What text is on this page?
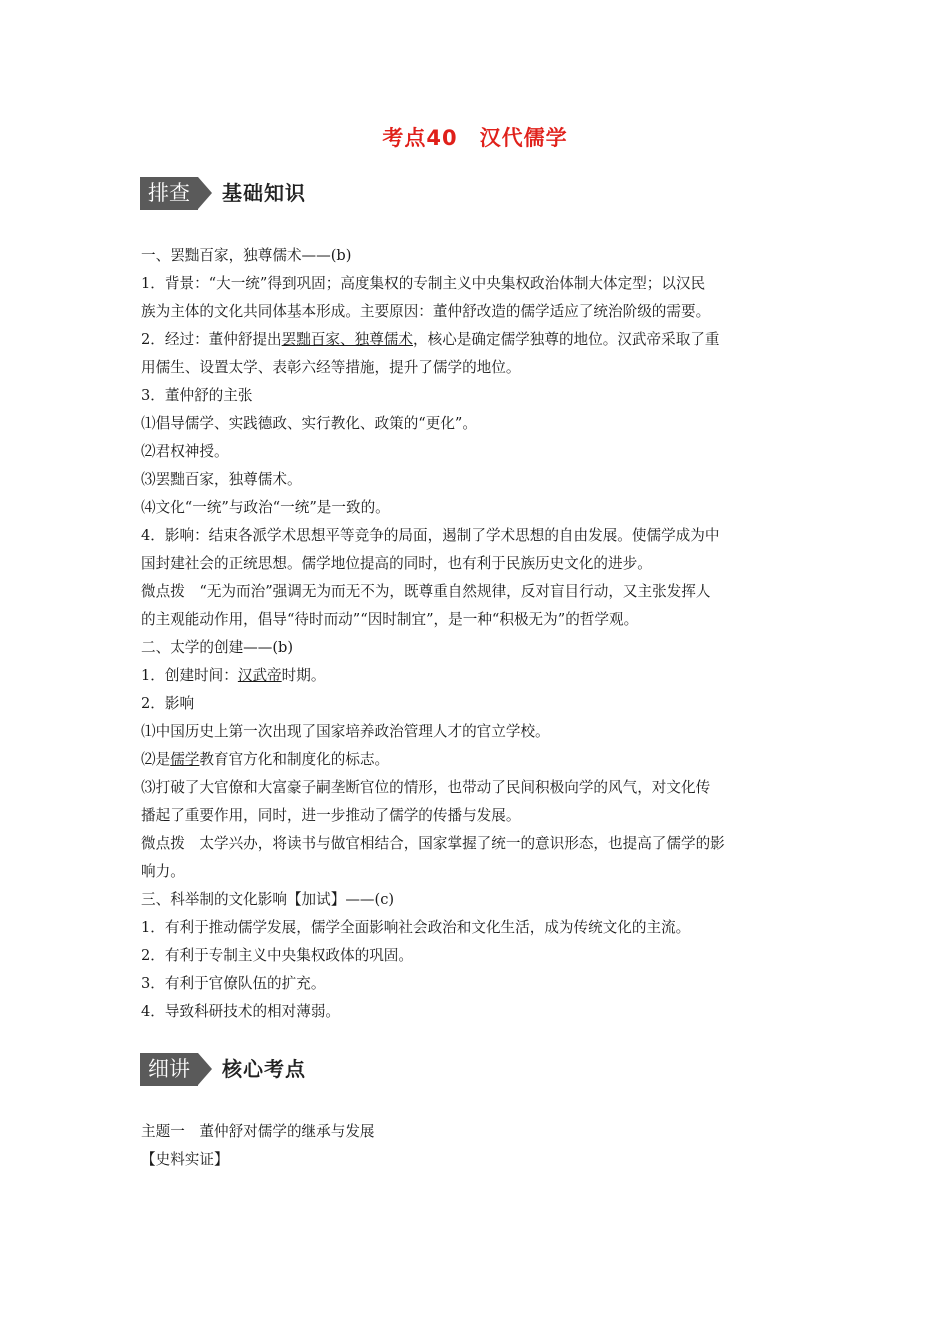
考点40　汉代儒学
排查	基础知识
一、罢黜百家，独尊儒术——(b)
1．背景：“大一统”得到巩固；高度集权的专制主义中央集权政治体制大体定型；以汉民
族为主体的文化共同体基本形成。主要原因：董仲舒改造的儒学适应了统治阶级的需要。
2．经过：董仲舒提出罢黜百家、独尊儒术，核心是确定儒学独尊的地位。汉武帝采取了重
用儒生、设置太学、表彰六经等措施，提升了儒学的地位。
3．董仲舒的主张
⑴倡导儒学、实践德政、实行教化、政策的“更化”。
⑵君权神授。
⑶罢黜百家，独尊儒术。
⑷文化“一统”与政治“一统”是一致的。
4．影响：结束各派学术思想平等竞争的局面，遏制了学术思想的自由发展。使儒学成为中
国封建社会的正统思想。儒学地位提高的同时，也有利于民族历史文化的进步。
微点拨　“无为而治”强调无为而无不为，既尊重自然规律，反对盲目行动，又主张发挥人
的主观能动作用，倡导“待时而动”“因时制宜”，是一种“积极无为”的哲学观。
二、太学的创建——(b)
1．创建时间：汉武帝时期。
2．影响
⑴中国历史上第一次出现了国家培养政治管理人才的官立学校。
⑵是儒学教育官方化和制度化的标志。
⑶打破了大官僚和大富豪子嗣垄断官位的情形，也带动了民间积极向学的风气，对文化传
播起了重要作用，同时，进一步推动了儒学的传播与发展。
微点拨　太学兴办，将读书与做官相结合，国家掌握了统一的意识形态，也提高了儒学的影
响力。
三、科举制的文化影响【加试】——(c)
1．有利于推动儒学发展，儒学全面影响社会政治和文化生活，成为传统文化的主流。
2．有利于专制主义中央集权政体的巩固。
3．有利于官僚队伍的扩充。
4．导致科研技术的相对薄弱。
细讲	核心考点
主题一　董仲舒对儒学的继承与发展
【史料实证】
